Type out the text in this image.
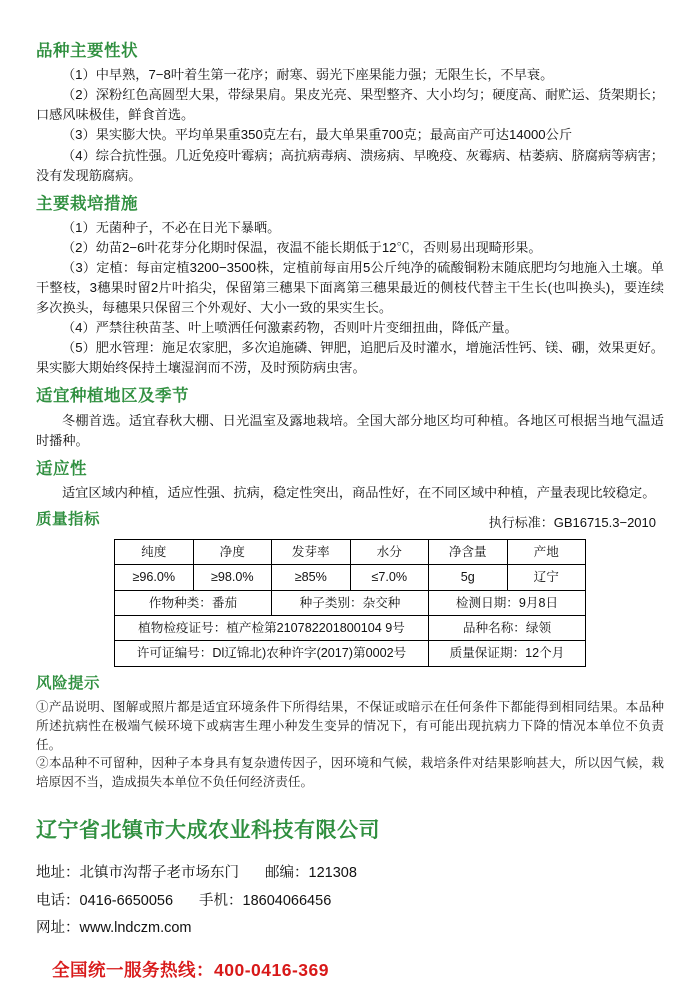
品种主要性状

（1）中早熟，7−8叶着生第一花序；耐寒、弱光下座果能力强；无限生长，不早衰。

（2）深粉红色高圆型大果，带绿果肩。果皮光亮、果型整齐、大小均匀；硬度高、耐贮运、货架期长；口感风味极佳，鲜食首选。

（3）果实膨大快。平均单果重350克左右，最大单果重700克；最高亩产可达14000公斤

（4）综合抗性强。几近免疫叶霉病；高抗病毒病、溃疡病、早晚疫、灰霉病、枯萎病、脐腐病等病害；没有发现筋腐病。

主要栽培措施

（1）无菌种子，不必在日光下暴晒。

（2）幼苗2−6叶花芽分化期时保温，夜温不能长期低于12℃，否则易出现畸形果。

（3）定植：每亩定植3200−3500株，定植前每亩用5公斤纯净的硫酸铜粉末随底肥均匀地施入土壤。单干整枝，3穗果时留2片叶掐尖，保留第三穗果下面离第三穗果最近的侧枝代替主干生长(也叫换头)，要连续多次换头，每穗果只保留三个外观好、大小一致的果实生长。

（4）严禁往秧苗茎、叶上喷洒任何激素药物，否则叶片变细扭曲，降低产量。

（5）肥水管理：施足农家肥，多次追施磷、钾肥，追肥后及时灌水，增施活性钙、镁、硼，效果更好。果实膨大期始终保持土壤湿润而不涝，及时预防病虫害。

适宜种植地区及季节

冬棚首选。适宜春秋大棚、日光温室及露地栽培。全国大部分地区均可种植。各地区可根据当地气温适时播种。

适应性

适宜区域内种植，适应性强、抗病，稳定性突出，商品性好，在不同区域中种植，产量表现比较稳定。

执行标准：GB16715.3−2010
质量指标
纯度	净度	发芽率	水分	净含量	产地
≥96.0%	≥98.0%	≥85%	≤7.0%	5g	辽宁
作物种类：番茄		种子类别：杂交种		检测日期：9月8日	
植物检疫证号：植产检第210782201800104 9号				品种名称：绿领	
许可证编号：Dl辽锦北)农种许字(2017)第0002号				质量保证期：12个月	
风险提示

①产品说明、图解或照片都是适宜环境条件下所得结果，不保证或暗示在任何条件下都能得到相同结果。本品种所述抗病性在极端气候环境下或病害生理小种发生变异的情况下，有可能出现抗病力下降的情况本单位不负责任。

②本品种不可留种，因种子本身具有复杂遗传因子，因环境和气候，栽培条件对结果影响甚大，所以因气候，栽培原因不当，造成损失本单位不负任何经济责任。

辽宁省北镇市大成农业科技有限公司
地址：北镇市沟帮子老市场东门 邮编：121308
电话：0416-6650056 手机：18604066456
网址：www.lndczm.com
全国统一服务热线：400-0416-369
